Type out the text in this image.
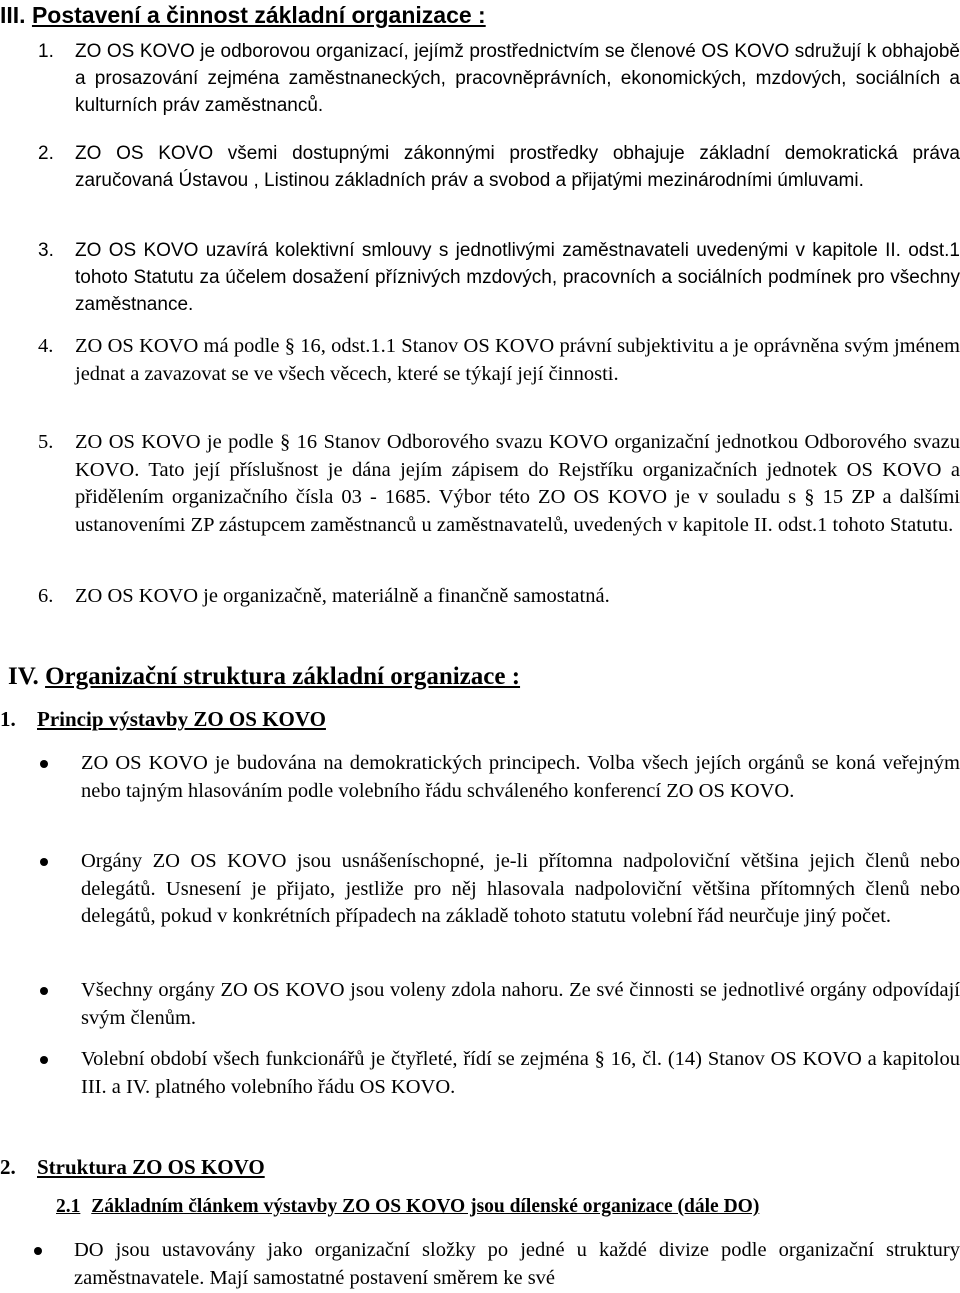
III. Postavení a činnost základní organizace :
1. ZO OS KOVO je odborovou organizací, jejímž prostřednictvím se členové OS KOVO sdružují k obhajobě a prosazování zejména zaměstnaneckých, pracovněprávních, ekonomických, mzdových, sociálních a kulturních práv zaměstnanců.
2. ZO OS KOVO všemi dostupnými zákonnými prostředky obhajuje základní demokratická práva zaručovaná Ústavou , Listinou základních práv a svobod a přijatými mezinárodními úmluvami.
3. ZO OS KOVO uzavírá kolektivní smlouvy s jednotlivými zaměstnavateli uvedenými v kapitole II. odst.1 tohoto Statutu za účelem dosažení příznivých mzdových, pracovních a sociálních podmínek pro všechny zaměstnance.
4. ZO OS KOVO má podle § 16, odst.1.1 Stanov OS KOVO právní subjektivitu a je oprávněna svým jménem jednat a zavazovat se ve všech věcech, které se týkají její činnosti.
5. ZO OS KOVO je podle § 16 Stanov Odborového svazu KOVO organizační jednotkou Odborového svazu KOVO. Tato její příslušnost je dána jejím zápisem do Rejstříku organizačních jednotek OS KOVO a přidělením organizačního čísla 03 - 1685. Výbor této ZO OS KOVO je v souladu s § 15 ZP a dalšími ustanoveními ZP zástupcem zaměstnanců u zaměstnavatelů, uvedených v kapitole II. odst.1 tohoto Statutu.
6. ZO OS KOVO je organizačně, materiálně a finančně samostatná.
IV. Organizační struktura základní organizace :
1. Princip výstavby ZO OS KOVO
ZO OS KOVO je budována na demokratických principech. Volba všech jejích orgánů se koná veřejným nebo tajným hlasováním podle volebního řádu schváleného konferencí ZO OS KOVO.
Orgány ZO OS KOVO jsou usnášeníschopné, je-li přítomna nadpoloviční většina jejich členů nebo delegátů. Usnesení je přijato, jestliže pro něj hlasovala nadpoloviční většina přítomných členů nebo delegátů, pokud v konkrétních případech na základě tohoto statutu volební řád neurčuje jiný počet.
Všechny orgány ZO OS KOVO jsou voleny zdola nahoru. Ze své činnosti se jednotlivé orgány odpovídají svým členům.
Volební období všech funkcionářů je čtyřleté, řídí se zejména § 16, čl. (14) Stanov OS KOVO a kapitolou III. a IV. platného volebního řádu OS KOVO.
2. Struktura ZO OS KOVO
2.1 Základním článkem výstavby ZO OS KOVO jsou dílenské organizace (dále DO)
DO jsou ustavovány jako organizační složky po jedné u každé divize podle organizační struktury zaměstnavatele. Mají samostatné postavení směrem ke své
